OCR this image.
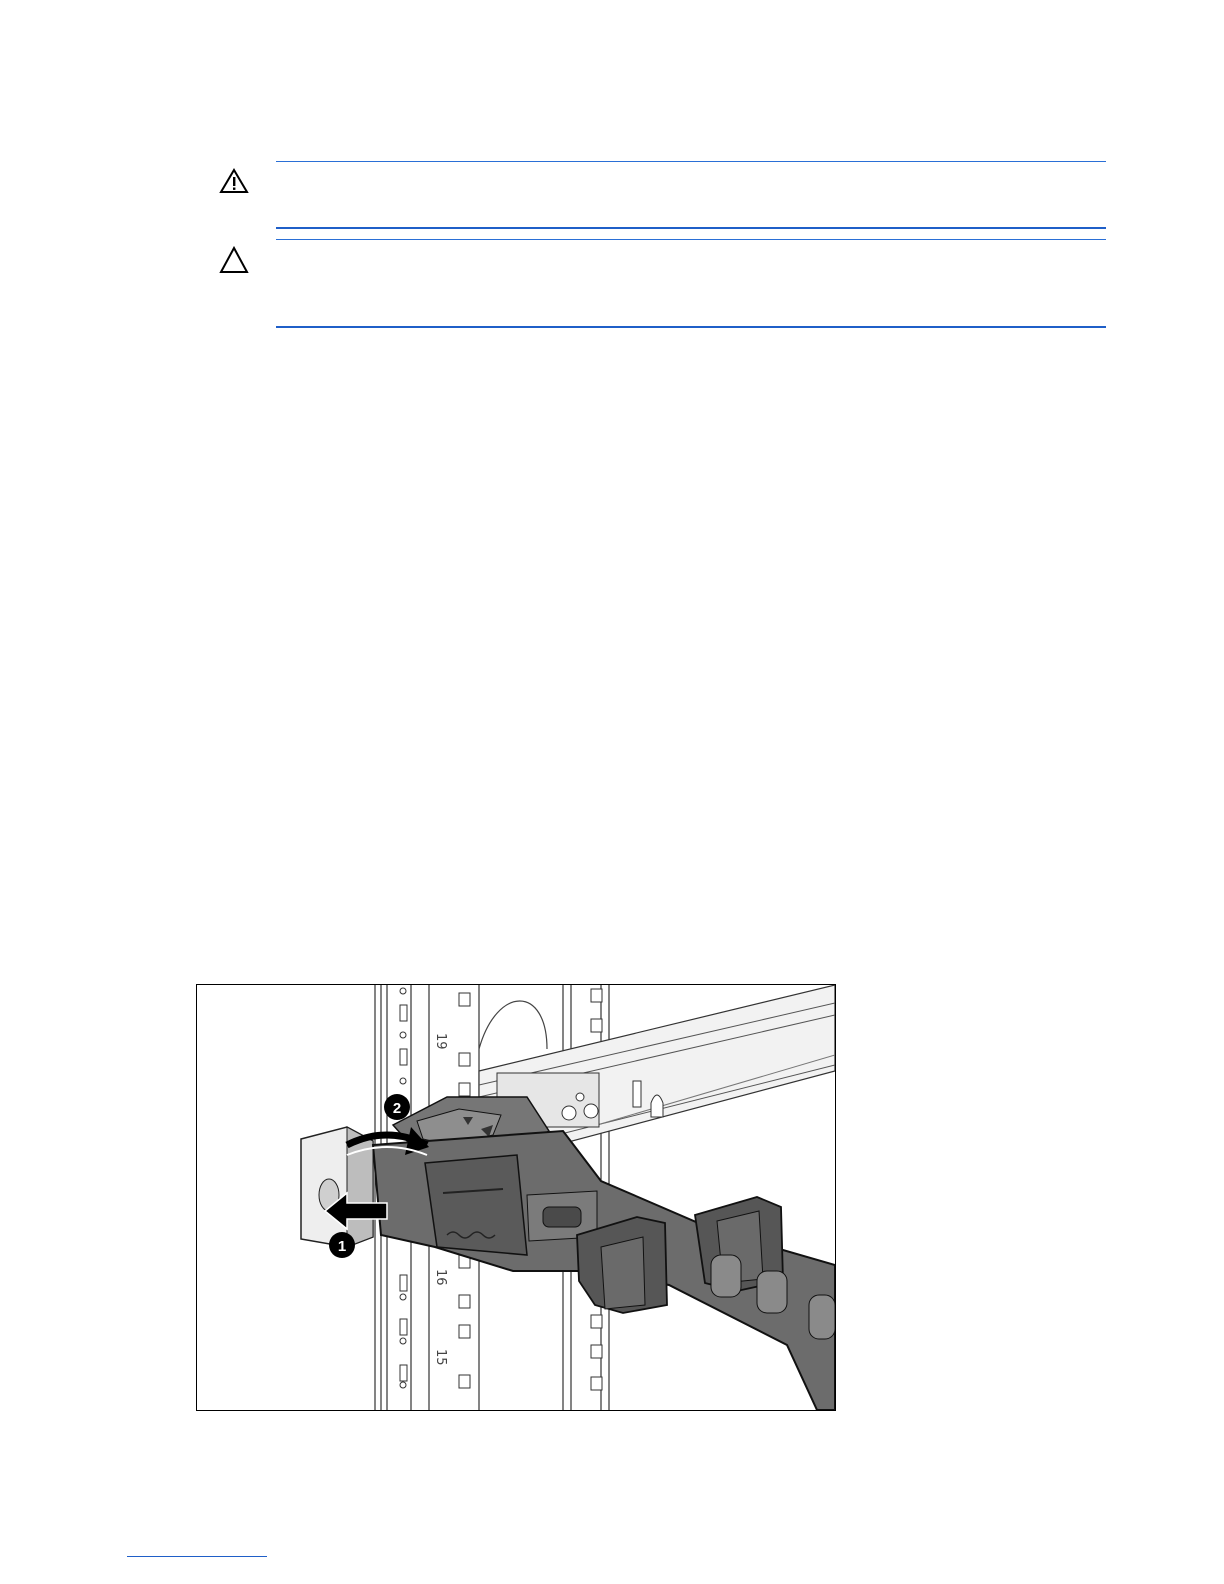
19
16
15
2
1
